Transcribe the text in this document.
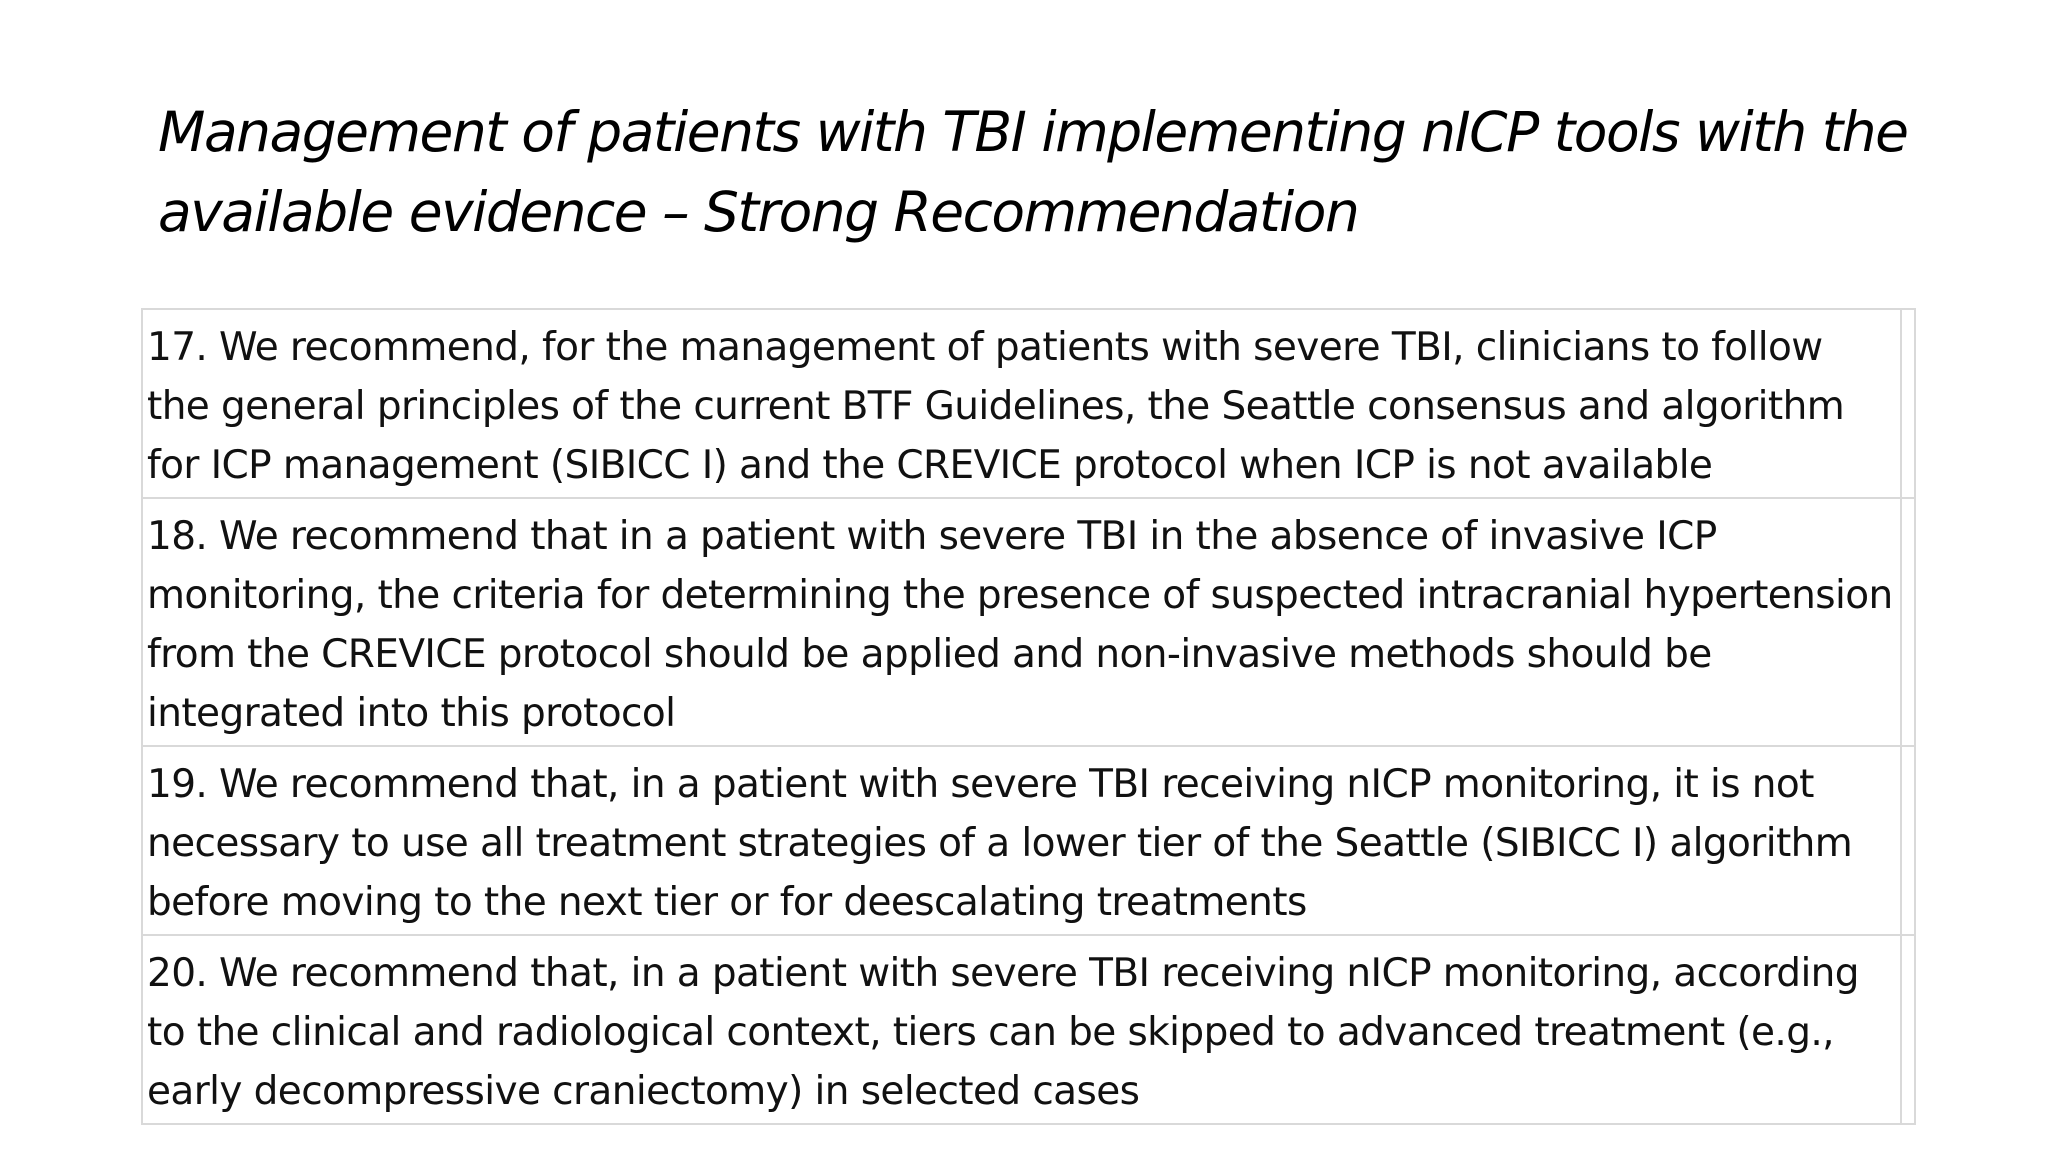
Management of patients with TBI implementing nICP tools with the available evidence – Strong Recommendation
17. We recommend, for the management of patients with severe TBI, clinicians to follow the general principles of the current BTF Guidelines, the Seattle consensus and algorithm for ICP management (SIBICC I) and the CREVICE protocol when ICP is not available	
18. We recommend that in a patient with severe TBI in the absence of invasive ICP monitoring, the criteria for determining the presence of suspected intracranial hypertension from the CREVICE protocol should be applied and non-invasive methods should be integrated into this protocol	
19. We recommend that, in a patient with severe TBI receiving nICP monitoring, it is not necessary to use all treatment strategies of a lower tier of the Seattle (SIBICC I) algorithm before moving to the next tier or for deescalating treatments	
20. We recommend that, in a patient with severe TBI receiving nICP monitoring, according to the clinical and radiological context, tiers can be skipped to advanced treatment (e.g., early decompressive craniectomy) in selected cases	
